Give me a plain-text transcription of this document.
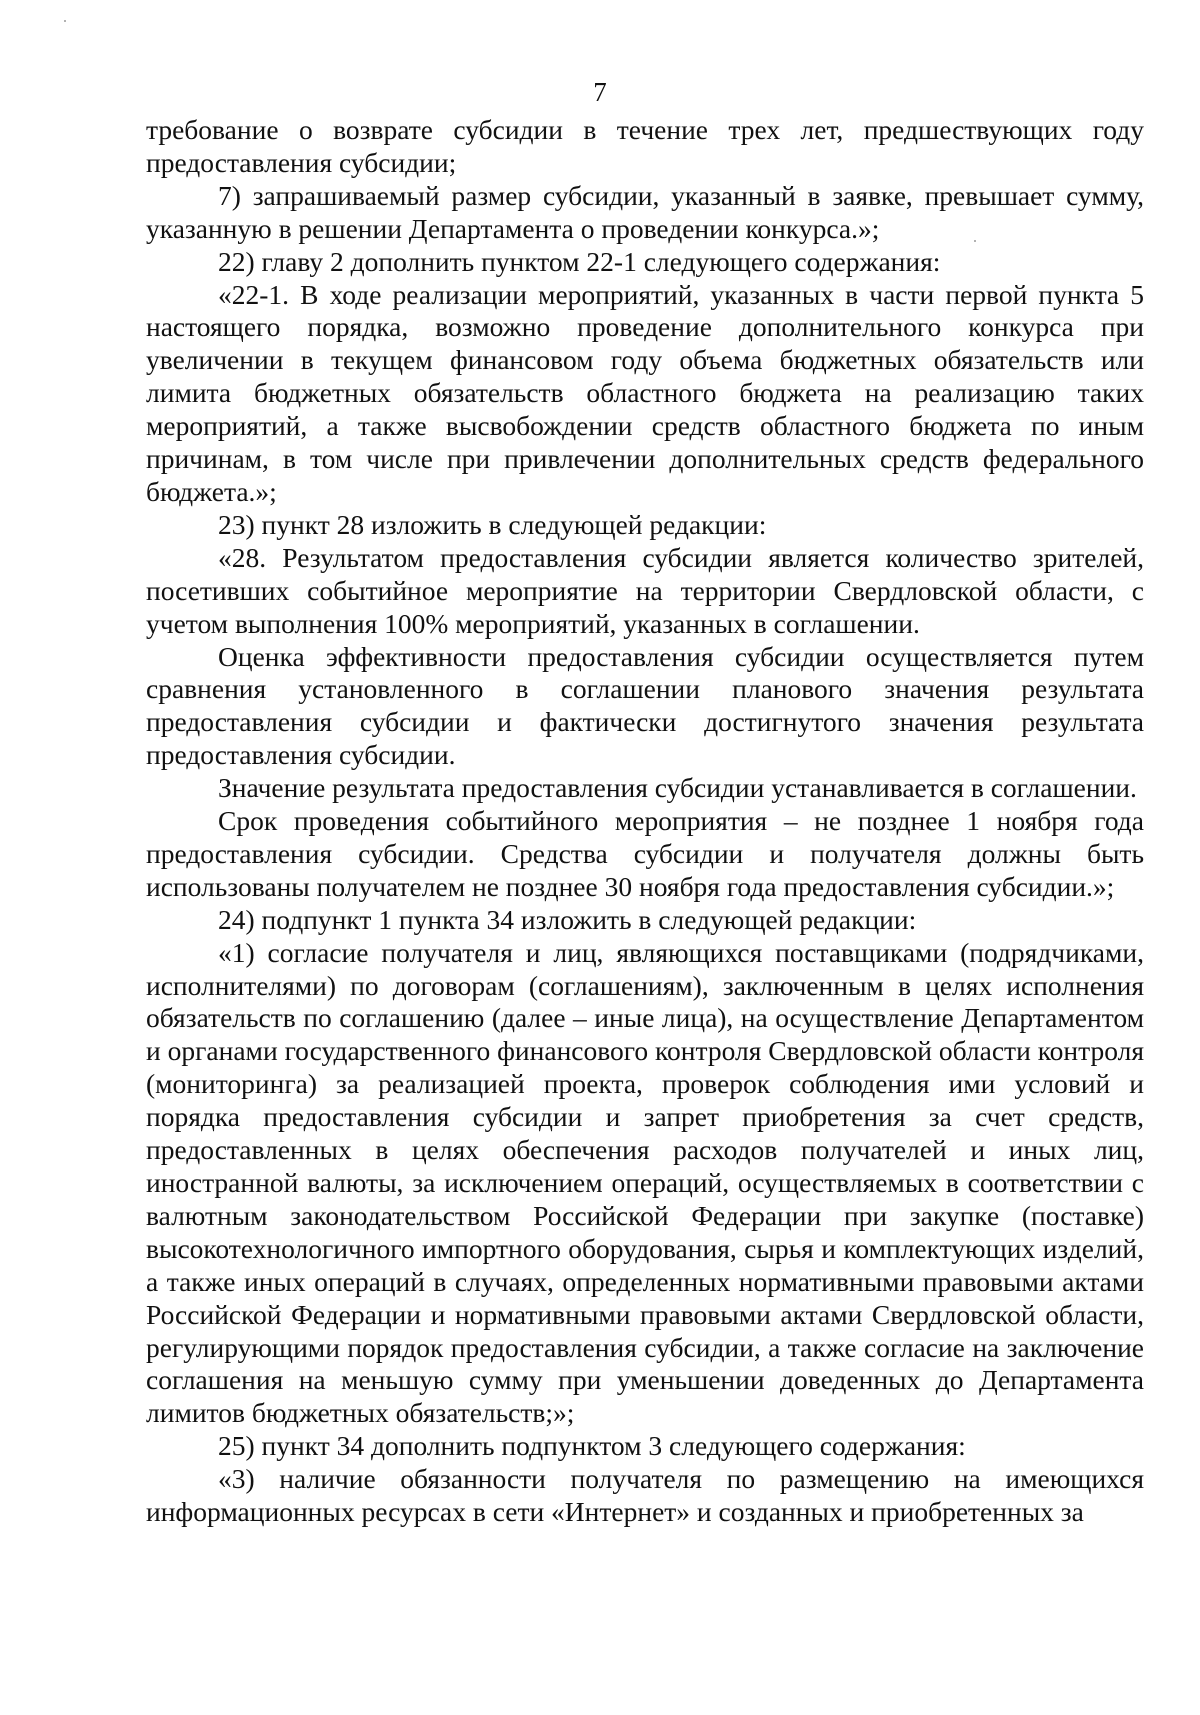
7

требование о возврате субсидии в течение трех лет, предшествующих году предоставления субсидии;

7) запрашиваемый размер субсидии, указанный в заявке, превышает сумму, указанную в решении Департамента о проведении конкурса.»;

22) главу 2 дополнить пунктом 22-1 следующего содержания:

«22-1. В ходе реализации мероприятий, указанных в части первой пункта 5 настоящего порядка, возможно проведение дополнительного конкурса при увеличении в текущем финансовом году объема бюджетных обязательств или лимита бюджетных обязательств областного бюджета на реализацию таких мероприятий, а также высвобождении средств областного бюджета по иным причинам, в том числе при привлечении дополнительных средств федерального бюджета.»;

23) пункт 28 изложить в следующей редакции:

«28. Результатом предоставления субсидии является количество зрителей, посетивших событийное мероприятие на территории Свердловской области, с учетом выполнения 100% мероприятий, указанных в соглашении.

Оценка эффективности предоставления субсидии осуществляется путем сравнения установленного в соглашении планового значения результата предоставления субсидии и фактически достигнутого значения результата предоставления субсидии.

Значение результата предоставления субсидии устанавливается в соглашении.

Срок проведения событийного мероприятия – не позднее 1 ноября года предоставления субсидии. Средства субсидии и получателя должны быть использованы получателем не позднее 30 ноября года предоставления субсидии.»;

24) подпункт 1 пункта 34 изложить в следующей редакции:

«1) согласие получателя и лиц, являющихся поставщиками (подрядчиками, исполнителями) по договорам (соглашениям), заключенным в целях исполнения обязательств по соглашению (далее – иные лица), на осуществление Департаментом и органами государственного финансового контроля Свердловской области контроля (мониторинга) за реализацией проекта, проверок соблюдения ими условий и порядка предоставления субсидии и запрет приобретения за счет средств, предоставленных в целях обеспечения расходов получателей и иных лиц, иностранной валюты, за исключением операций, осуществляемых в соответствии с валютным законодательством Российской Федерации при закупке (поставке) высокотехнологичного импортного оборудования, сырья и комплектующих изделий, а также иных операций в случаях, определенных нормативными правовыми актами Российской Федерации и нормативными правовыми актами Свердловской области, регулирующими порядок предоставления субсидии, а также согласие на заключение соглашения на меньшую сумму при уменьшении доведенных до Департамента лимитов бюджетных обязательств;»;

25) пункт 34 дополнить подпунктом 3 следующего содержания:

«3) наличие обязанности получателя по размещению на имеющихся информационных ресурсах в сети «Интернет» и созданных и приобретенных за
